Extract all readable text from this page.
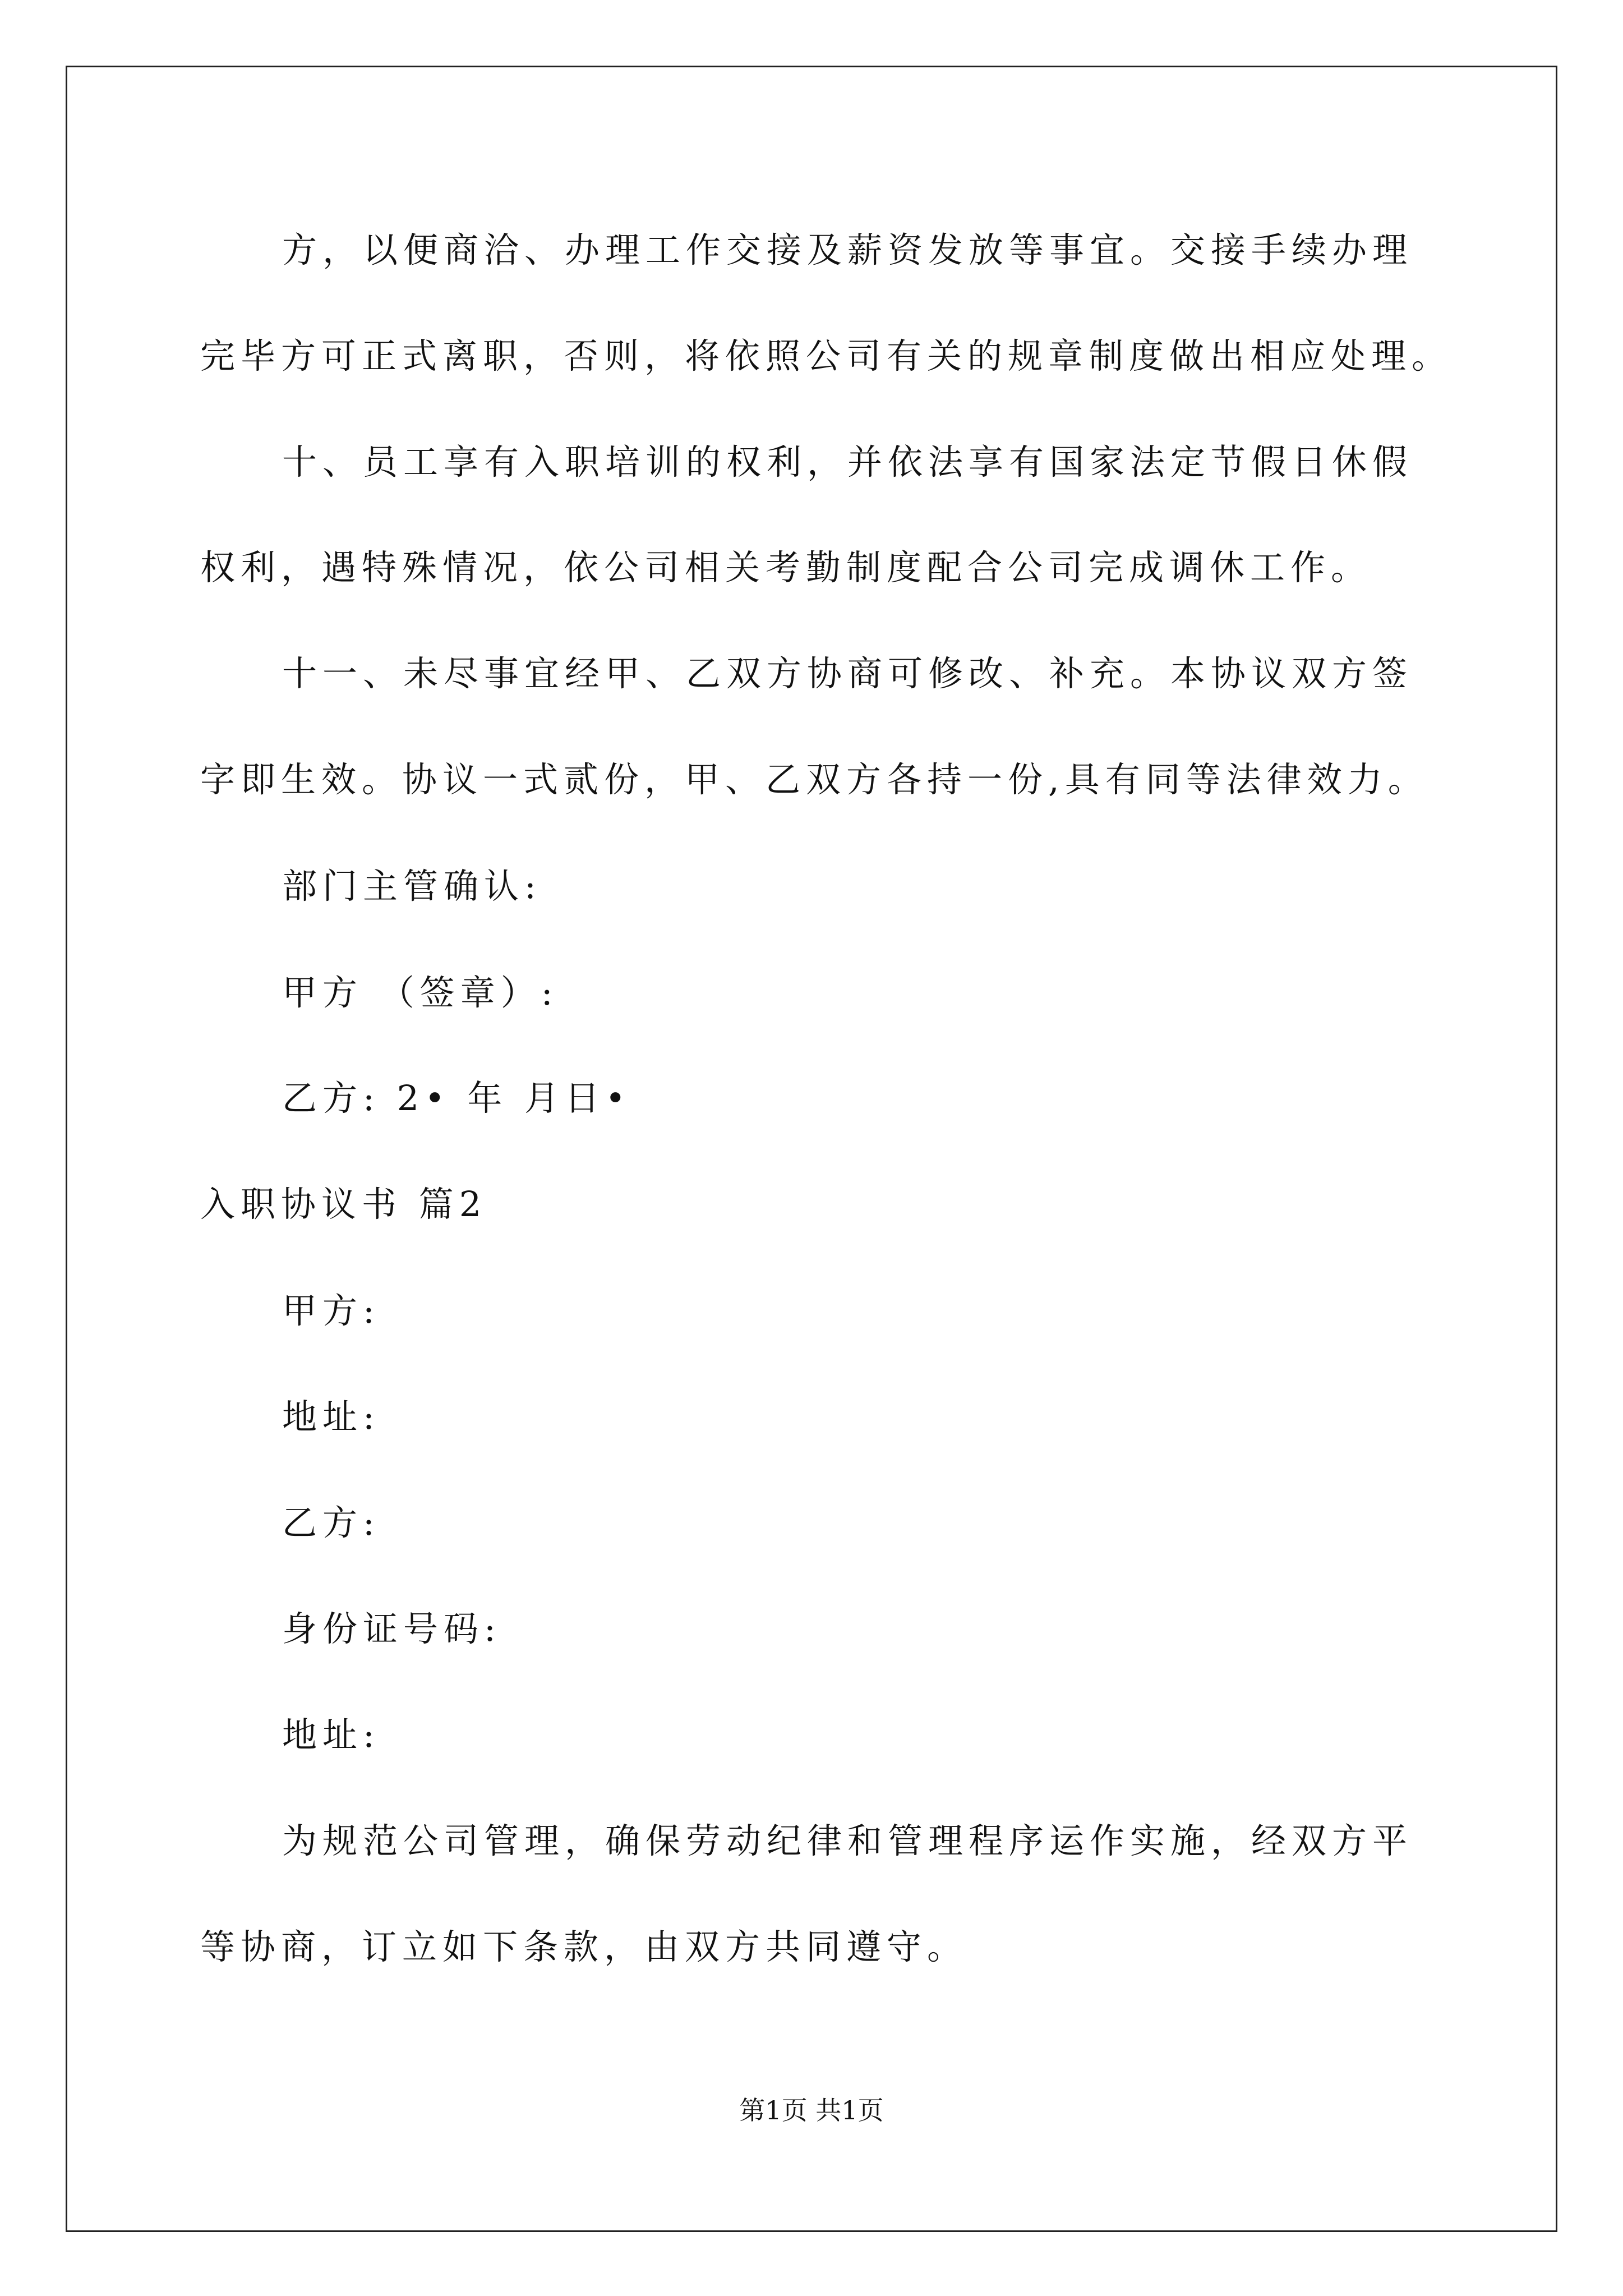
方，以便商洽、办理工作交接及薪资发放等事宜。交接手续办理
完毕方可正式离职，否则，将依照公司有关的规章制度做出相应处理。
十、员工享有入职培训的权利，并依法享有国家法定节假日休假
权利，遇特殊情况，依公司相关考勤制度配合公司完成调休工作。
十一、未尽事宜经甲、乙双方协商可修改、补充。本协议双方签
字即生效。协议一式贰份，甲、乙双方各持一份,具有同等法律效力。
部门主管确认:
甲方 （签章）:
乙方: 2• 年 月日•
入职协议书 篇2
甲方:
地址:
乙方:
身份证号码:
地址:
为规范公司管理，确保劳动纪律和管理程序运作实施，经双方平
等协商，订立如下条款，由双方共同遵守。
第1页 共1页
